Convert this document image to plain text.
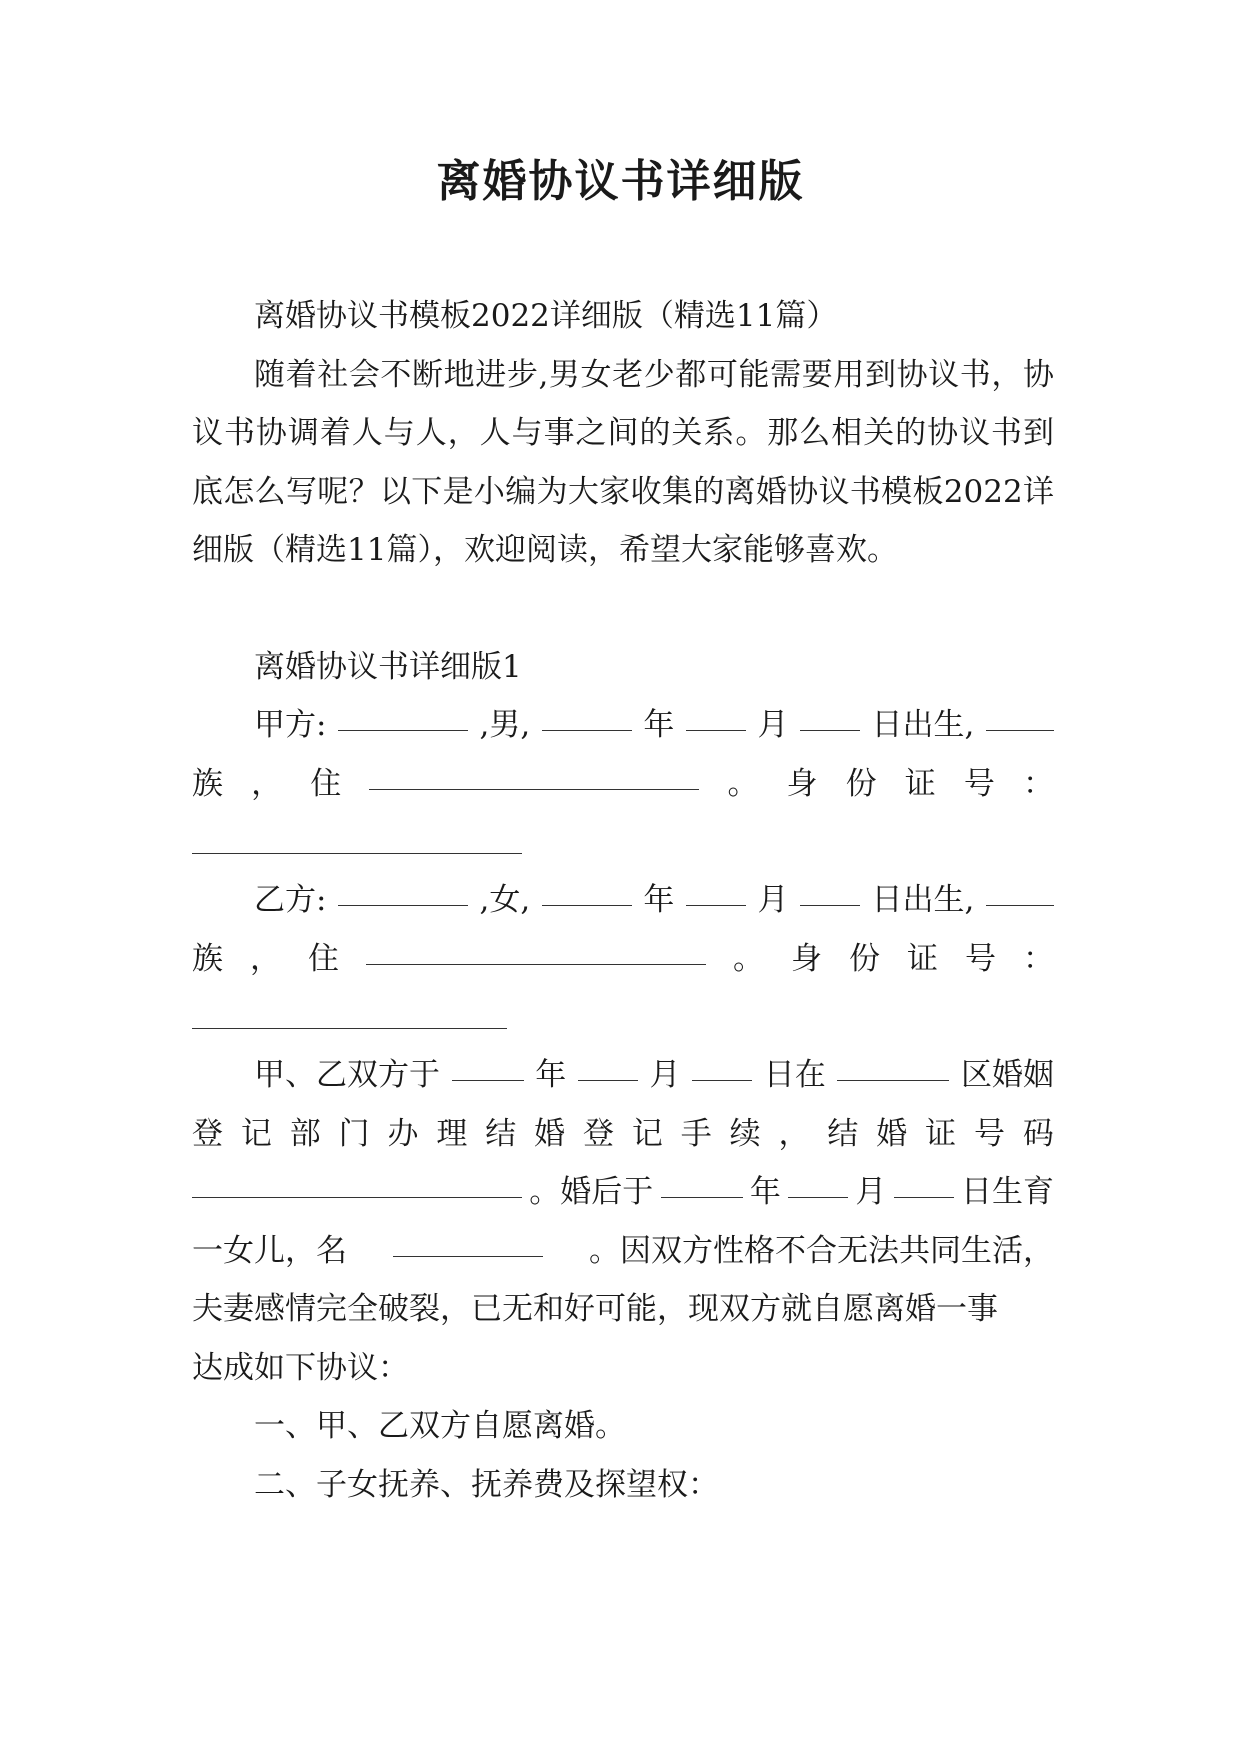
离婚协议书详细版

离婚协议书模板2022详细版（精选11篇）

随着社会不断地进步,男女老少都可能需要用到协议书，协议书协调着人与人，人与事之间的关系。那么相关的协议书到底怎么写呢？以下是小编为大家收集的离婚协议书模板2022详细版（精选11篇），欢迎阅读，希望大家能够喜欢。

离婚协议书详细版1

甲方:	,男,	年	月	日出生,
族 ， 住	。 身 份 证 号 ：
乙方:	,女,	年	月	日出生,
族 ， 住	。 身 份 证 号 ：
甲、乙双方于	年	月	日在	区婚姻
登 记 部 门 办 理 结 婚 登 记 手 续 ， 结 婚 证 号 码
。婚后于	年 月 日生育
一女儿，名	。因双方性格不合无法共同生活，

夫妻感情完全破裂，已无和好可能，现双方就自愿离婚一事

达成如下协议：

一、甲、乙双方自愿离婚。

二、子女抚养、抚养费及探望权：
